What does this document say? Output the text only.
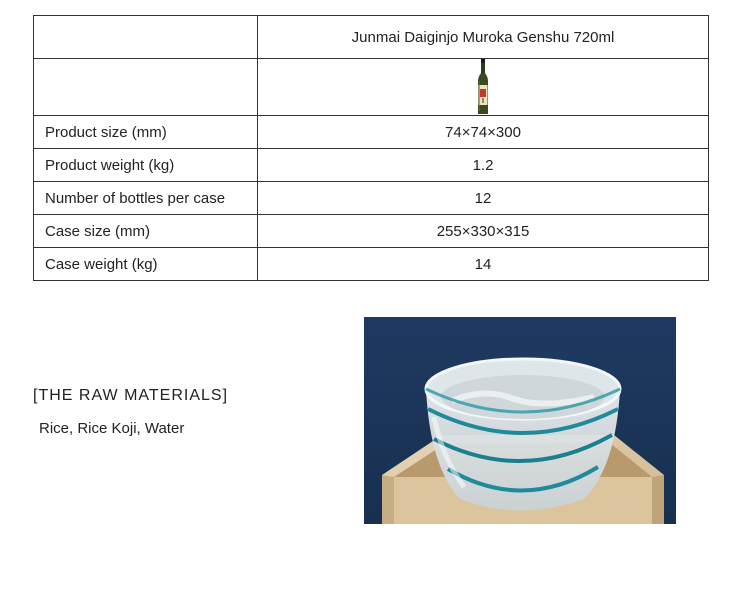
	Junmai Daiginjo Muroka Genshu 720ml

Product size (mm)	74×74×300
Product weight (kg)	1.2
Number of bottles per case	12
Case size (mm)	255×330×315
Case weight (kg)	14
[THE RAW MATERIALS]
Rice, Rice Koji, Water
